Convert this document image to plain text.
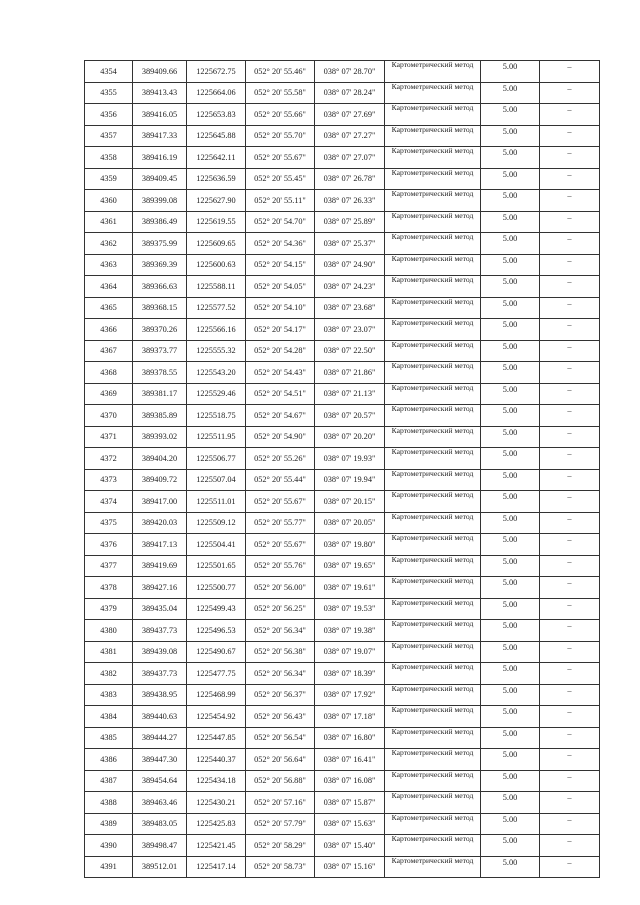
4354	389409.66	1225672.75	052° 20' 55.46"	038° 07' 28.70"	Картометрический метод	5.00	–
4355	389413.43	1225664.06	052° 20' 55.58"	038° 07' 28.24"	Картометрический метод	5.00	–
4356	389416.05	1225653.83	052° 20' 55.66"	038° 07' 27.69"	Картометрический метод	5.00	–
4357	389417.33	1225645.88	052° 20' 55.70"	038° 07' 27.27"	Картометрический метод	5.00	–
4358	389416.19	1225642.11	052° 20' 55.67"	038° 07' 27.07"	Картометрический метод	5.00	–
4359	389409.45	1225636.59	052° 20' 55.45"	038° 07' 26.78"	Картометрический метод	5.00	–
4360	389399.08	1225627.90	052° 20' 55.11"	038° 07' 26.33"	Картометрический метод	5.00	–
4361	389386.49	1225619.55	052° 20' 54.70"	038° 07' 25.89"	Картометрический метод	5.00	–
4362	389375.99	1225609.65	052° 20' 54.36"	038° 07' 25.37"	Картометрический метод	5.00	–
4363	389369.39	1225600.63	052° 20' 54.15"	038° 07' 24.90"	Картометрический метод	5.00	–
4364	389366.63	1225588.11	052° 20' 54.05"	038° 07' 24.23"	Картометрический метод	5.00	–
4365	389368.15	1225577.52	052° 20' 54.10"	038° 07' 23.68"	Картометрический метод	5.00	–
4366	389370.26	1225566.16	052° 20' 54.17"	038° 07' 23.07"	Картометрический метод	5.00	–
4367	389373.77	1225555.32	052° 20' 54.28"	038° 07' 22.50"	Картометрический метод	5.00	–
4368	389378.55	1225543.20	052° 20' 54.43"	038° 07' 21.86"	Картометрический метод	5.00	–
4369	389381.17	1225529.46	052° 20' 54.51"	038° 07' 21.13"	Картометрический метод	5.00	–
4370	389385.89	1225518.75	052° 20' 54.67"	038° 07' 20.57"	Картометрический метод	5.00	–
4371	389393.02	1225511.95	052° 20' 54.90"	038° 07' 20.20"	Картометрический метод	5.00	–
4372	389404.20	1225506.77	052° 20' 55.26"	038° 07' 19.93"	Картометрический метод	5.00	–
4373	389409.72	1225507.04	052° 20' 55.44"	038° 07' 19.94"	Картометрический метод	5.00	–
4374	389417.00	1225511.01	052° 20' 55.67"	038° 07' 20.15"	Картометрический метод	5.00	–
4375	389420.03	1225509.12	052° 20' 55.77"	038° 07' 20.05"	Картометрический метод	5.00	–
4376	389417.13	1225504.41	052° 20' 55.67"	038° 07' 19.80"	Картометрический метод	5.00	–
4377	389419.69	1225501.65	052° 20' 55.76"	038° 07' 19.65"	Картометрический метод	5.00	–
4378	389427.16	1225500.77	052° 20' 56.00"	038° 07' 19.61"	Картометрический метод	5.00	–
4379	389435.04	1225499.43	052° 20' 56.25"	038° 07' 19.53"	Картометрический метод	5.00	–
4380	389437.73	1225496.53	052° 20' 56.34"	038° 07' 19.38"	Картометрический метод	5.00	–
4381	389439.08	1225490.67	052° 20' 56.38"	038° 07' 19.07"	Картометрический метод	5.00	–
4382	389437.73	1225477.75	052° 20' 56.34"	038° 07' 18.39"	Картометрический метод	5.00	–
4383	389438.95	1225468.99	052° 20' 56.37"	038° 07' 17.92"	Картометрический метод	5.00	–
4384	389440.63	1225454.92	052° 20' 56.43"	038° 07' 17.18"	Картометрический метод	5.00	–
4385	389444.27	1225447.85	052° 20' 56.54"	038° 07' 16.80"	Картометрический метод	5.00	–
4386	389447.30	1225440.37	052° 20' 56.64"	038° 07' 16.41"	Картометрический метод	5.00	–
4387	389454.64	1225434.18	052° 20' 56.88"	038° 07' 16.08"	Картометрический метод	5.00	–
4388	389463.46	1225430.21	052° 20' 57.16"	038° 07' 15.87"	Картометрический метод	5.00	–
4389	389483.05	1225425.83	052° 20' 57.79"	038° 07' 15.63"	Картометрический метод	5.00	–
4390	389498.47	1225421.45	052° 20' 58.29"	038° 07' 15.40"	Картометрический метод	5.00	–
4391	389512.01	1225417.14	052° 20' 58.73"	038° 07' 15.16"	Картометрический метод	5.00	–
